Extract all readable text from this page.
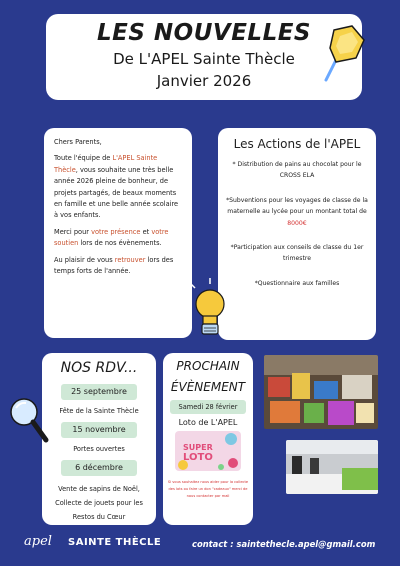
LES NOUVELLES
De L'APEL Sainte Thècle
Janvier 2026

Chers Parents,

Toute l'équipe de L'APEL Sainte Thècle, vous souhaite une très belle année 2026 pleine de bonheur, de projets partagés, de beaux moments en famille et une belle année scolaire à vos enfants.

Merci pour votre présence et votre soutien lors de nos évènements.

Au plaisir de vous retrouver lors des temps forts de l'année.

Les Actions de l'APEL
* Distribution de pains au chocolat pour le CROSS ELA
*Subventions pour les voyages de classe de la maternelle au lycée pour un montant total de 8000€
*Participation aux conseils de classe du 1er trimestre
*Questionnaire aux familles
NOS RDV...
25 septembre
Fête de la Sainte Thècle
15 novembre
Portes ouvertes
6 décembre
Vente de sapins de Noël, Collecte de jouets pour les Restos du Cœur
PROCHAIN
ÉVÈNEMENT
Samedi 28 février
Loto de L'APEL
SUPER
LOTO
Si vous souhaitez nous aider pour la collecte des lots ou faire un don "cadeaux" merci de nous contacter par mail
apel SAINTE THÈCLE	contact : saintethecle.apel@gmail.com
